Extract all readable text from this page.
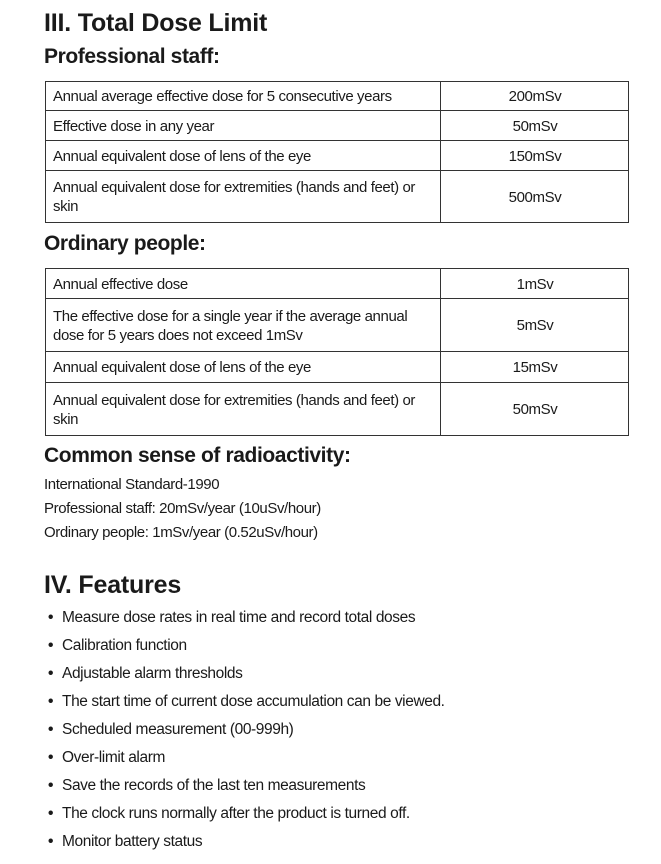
III. Total Dose Limit
Professional staff:
Annual average effective dose for 5 consecutive years	200mSv
Effective dose in any year	50mSv
Annual equivalent dose of lens of the eye	150mSv
Annual equivalent dose for extremities (hands and feet) or skin	500mSv
Ordinary people:
Annual effective dose	1mSv
The effective dose for a single year if the average annual dose for 5 years does not exceed 1mSv	5mSv
Annual equivalent dose of lens of the eye	15mSv
Annual equivalent dose for extremities (hands and feet) or skin	50mSv
Common sense of radioactivity:
International Standard-1990
Professional staff: 20mSv/year (10uSv/hour)
Ordinary people: 1mSv/year (0.52uSv/hour)
IV. Features
• Measure dose rates in real time and record total doses
• Calibration function
• Adjustable alarm thresholds
• The start time of current dose accumulation can be viewed.
• Scheduled measurement (00-999h)
• Over-limit alarm
• Save the records of the last ten measurements
• The clock runs normally after the product is turned off.
• Monitor battery status
